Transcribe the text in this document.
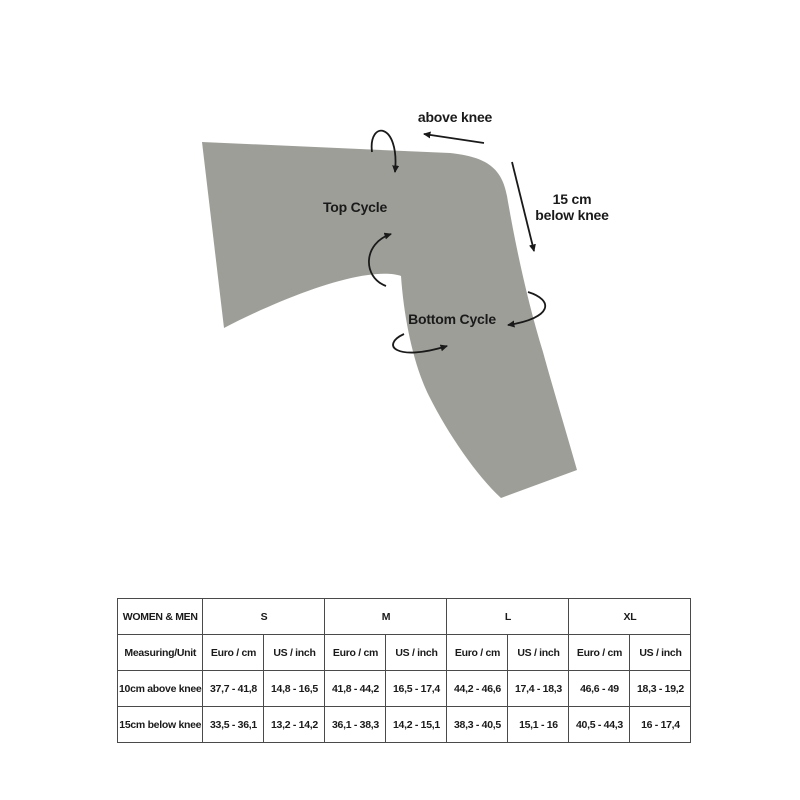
above knee
15 cm
below knee
Top Cycle
Bottom Cycle
WOMEN & MEN	S		M		L		XL	
Measuring/Unit	Euro / cm	US / inch	Euro / cm	US / inch	Euro / cm	US / inch	Euro / cm	US / inch
10cm above knee	37,7 - 41,8	14,8 - 16,5	41,8 - 44,2	16,5 - 17,4	44,2 - 46,6	17,4 - 18,3	46,6 - 49	18,3 - 19,2
15cm below knee	33,5 - 36,1	13,2 - 14,2	36,1 - 38,3	14,2 - 15,1	38,3 - 40,5	15,1 - 16	40,5 - 44,3	16 - 17,4
